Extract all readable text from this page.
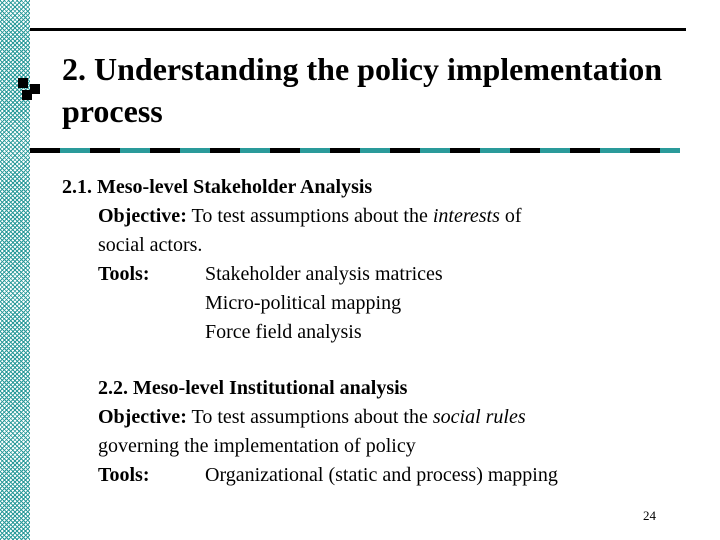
2. Understanding the policy implementation process
2.1. Meso-level Stakeholder Analysis
Objective: To test assumptions about the interests of
social actors.
Tools:	Stakeholder analysis matrices
Micro-political mapping
Force field analysis
2.2. Meso-level Institutional analysis
Objective: To test assumptions about the social rules
governing the implementation of policy
Tools:	Organizational (static and process) mapping
24
